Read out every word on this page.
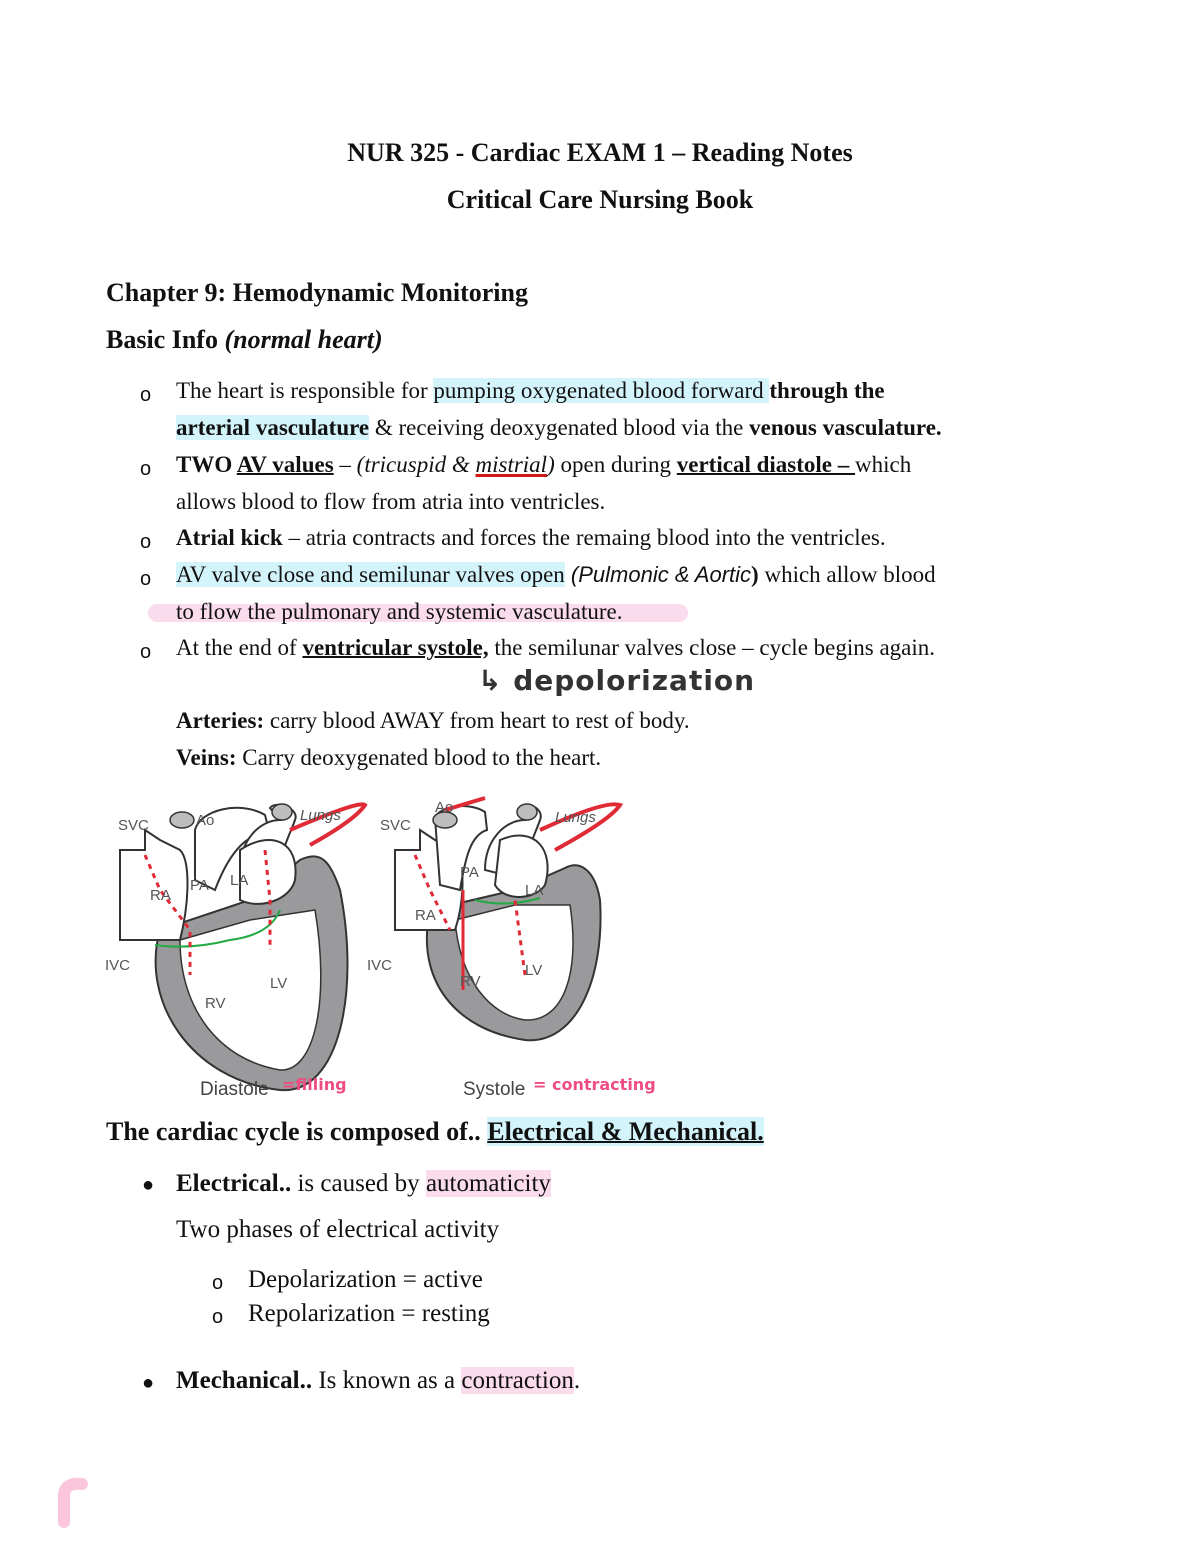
NUR 325 - Cardiac EXAM 1 – Reading Notes
Critical Care Nursing Book
Chapter 9: Hemodynamic Monitoring
Basic Info (normal heart)
o The heart is responsible for pumping oxygenated blood forward through the
arterial vasculature & receiving deoxygenated blood via the venous vasculature.
o TWO AV values – (tricuspid & mistrial) open during vertical diastole – which
allows blood to flow from atria into ventricles.
o Atrial kick – atria contracts and forces the remaing blood into the ventricles.
o AV valve close and semilunar valves open (Pulmonic & Aortic) which allow blood
to flow the pulmonary and systemic vasculature.
o At the end of ventricular systole, the semilunar valves close – cycle begins again.
↳ depolorization
Arteries: carry blood AWAY from heart to rest of body.
Veins: Carry deoxygenated blood to the heart.
SVC	Ao	Lungs
RA
PA LA
IVC
LV
RV
Diastole =filling
SVC
Ao
Lungs
RA
PA
LA
IVC	LV
RV
Systole = contracting
The cardiac cycle is composed of.. Electrical & Mechanical.
● Electrical.. is caused by automaticity
Two phases of electrical activity
o Depolarization = active
o Repolarization = resting
● Mechanical.. Is known as a contraction.
